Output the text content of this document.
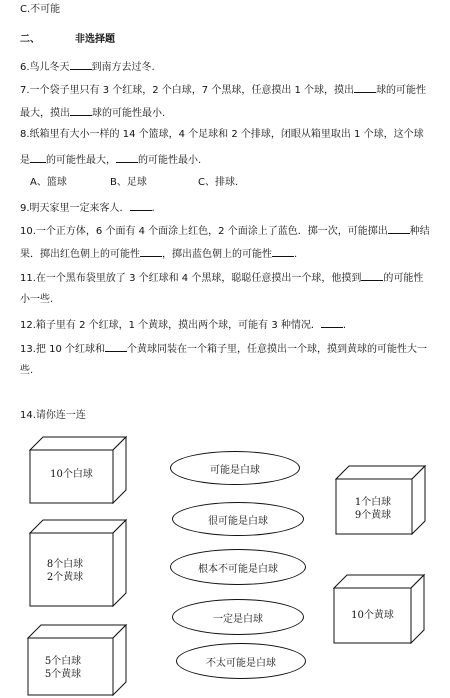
C.不可能
二、	非选择题
6.鸟儿冬天 到南方去过冬.
7.一个袋子里只有 3 个红球，2 个白球，7 个黑球，任意摸出 1 个球，摸出 球的可能性
最大，摸出 球的可能性最小.
8.纸箱里有大小一样的 14 个篮球，4 个足球和 2 个排球，闭眼从箱里取出 1 个球，这个球
是 的可能性最大， 的可能性最小.
A、篮球	B、足球	C、排球.
9.明天家里一定来客人． .
10.一个正方体，6 个面有 4 个面涂上红色，2 个面涂上了蓝色．掷一次，可能掷出 种结
果．掷出红色朝上的可能性 ，掷出蓝色朝上的可能性 .
11.在一个黑布袋里放了 3 个红球和 4 个黑球，聪聪任意摸出一个球，他摸到 的可能性
小一些.
12.箱子里有 2 个红球，1 个黄球，摸出两个球，可能有 3 种情况． .
13.把 10 个红球和 个黄球同装在一个箱子里，任意摸出一个球，摸到黄球的可能性大一
些.
14.请你连一连
10个白球
8个白球
2个黄球
5个白球
5个黄球
可能是白球
很可能是白球
根本不可能是白球
一定是白球
不太可能是白球
1个白球
9个黄球
10个黄球
